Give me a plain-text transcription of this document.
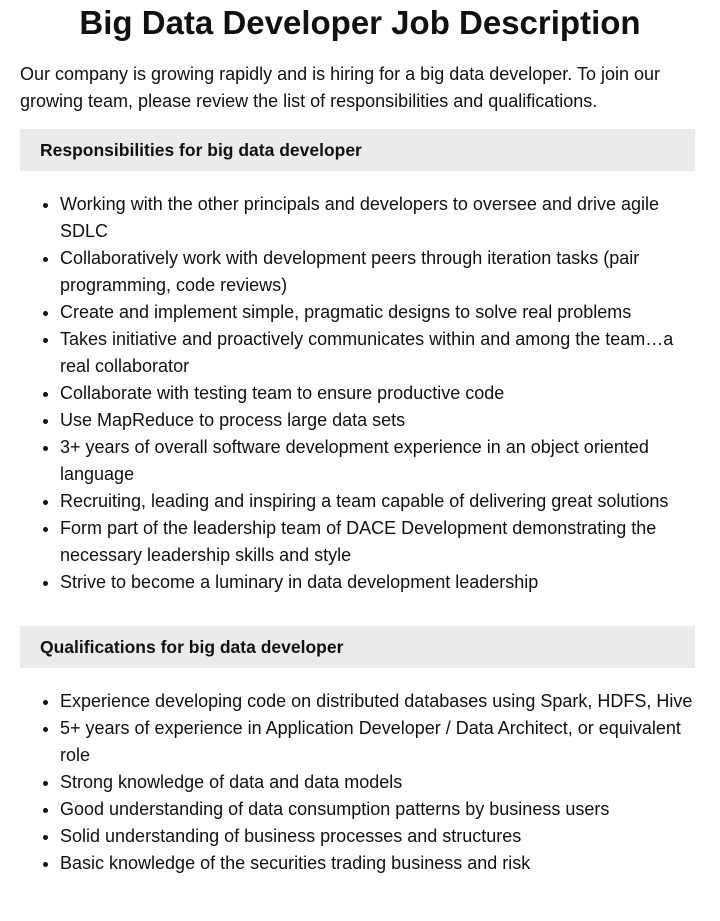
Big Data Developer Job Description

Our company is growing rapidly and is hiring for a big data developer. To join our growing team, please review the list of responsibilities and qualifications.

Responsibilities for big data developer
• Working with the other principals and developers to oversee and drive agile SDLC
• Collaboratively work with development peers through iteration tasks (pair programming, code reviews)
• Create and implement simple, pragmatic designs to solve real problems
• Takes initiative and proactively communicates within and among the team…a real collaborator
• Collaborate with testing team to ensure productive code
• Use MapReduce to process large data sets
• 3+ years of overall software development experience in an object oriented language
• Recruiting, leading and inspiring a team capable of delivering great solutions
• Form part of the leadership team of DACE Development demonstrating the necessary leadership skills and style
• Strive to become a luminary in data development leadership
Qualifications for big data developer
• Experience developing code on distributed databases using Spark, HDFS, Hive
• 5+ years of experience in Application Developer / Data Architect, or equivalent role
• Strong knowledge of data and data models
• Good understanding of data consumption patterns by business users
• Solid understanding of business processes and structures
• Basic knowledge of the securities trading business and risk
